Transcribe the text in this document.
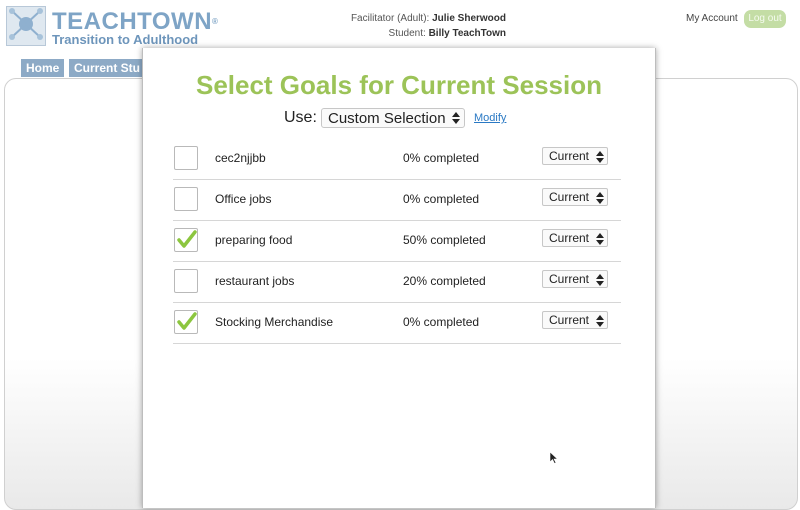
TEACHTOWN®
Transition to Adulthood
Facilitator (Adult): Julie Sherwood
Student: Billy TeachTown
My Account	Log out
Home	Current Stu
Select Goals for Current Session
Use: Custom Selection	Modify
cec2njjbb	0% completed	Current
Office jobs	0% completed	Current
preparing food	50% completed	Current
restaurant jobs	20% completed	Current
Stocking Merchandise	0% completed	Current
